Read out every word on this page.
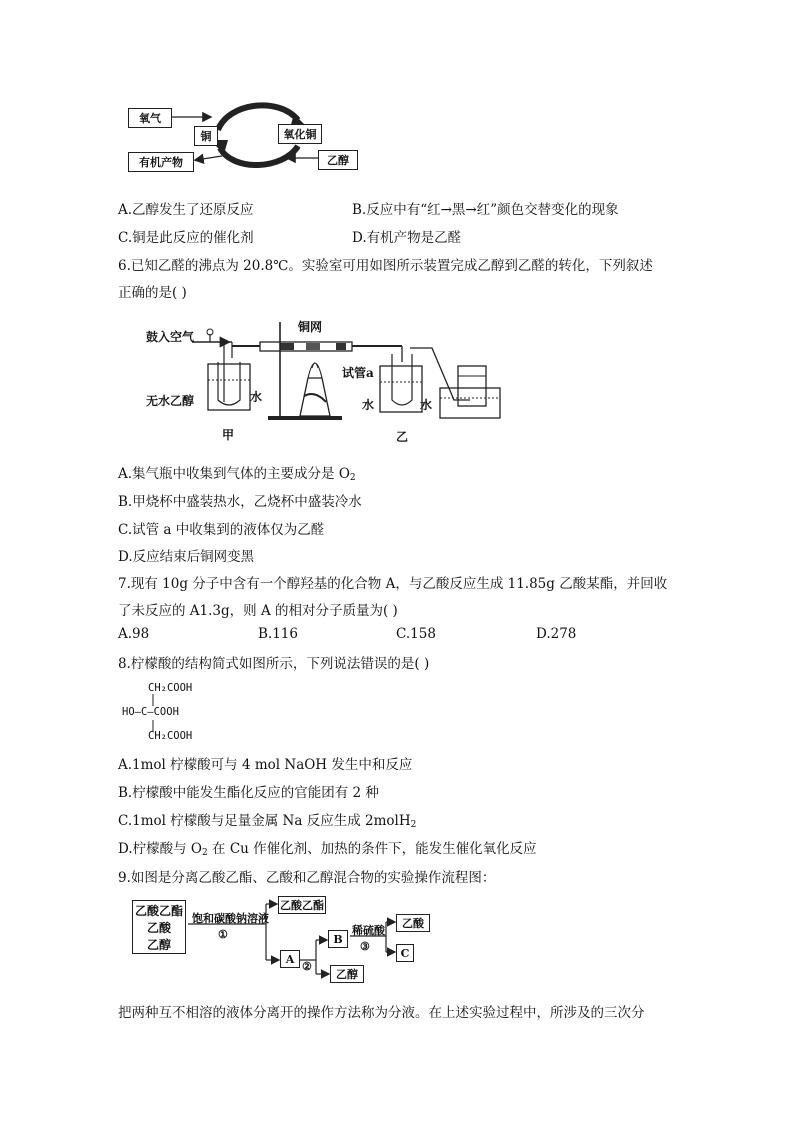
氧气
铜	氧化铜
乙醇
有机产物
A.乙醇发生了还原反应	B.反应中有“红→黑→红”颜色交替变化的现象
C.铜是此反应的催化剂	D.有机产物是乙醛
6.已知乙醛的沸点为 20.8℃。实验室可用如图所示装置完成乙醇到乙醛的转化，下列叙述
正确的是( )
鼓入空气
铜网
无水乙醇	水
甲
试管a
水	水
乙
A.集气瓶中收集到气体的主要成分是 $O_2$
B.甲烧杯中盛装热水，乙烧杯中盛装冷水
C.试管 a 中收集到的液体仅为乙醛
D.反应结束后铜网变黑
7.现有 10g 分子中含有一个醇羟基的化合物 A，与乙酸反应生成 11.85g 乙酸某酯，并回收
了未反应的 A1.3g，则 A 的相对分子质量为( )
A.98	B.116	C.158	D.278
8.柠檬酸的结构简式如图所示，下列说法错误的是( )
CH₂COOH
HO—C—COOH
CH₂COOH
A.1mol 柠檬酸可与 4 mol NaOH 发生中和反应
B.柠檬酸中能发生酯化反应的官能团有 2 种
C.1mol 柠檬酸与足量金属 Na 反应生成 2molH$_2$
D.柠檬酸与 $O_2$ 在 Cu 作催化剂、加热的条件下，能发生催化氧化反应
9.如图是分离乙酸乙酯、乙酸和乙醇混合物的实验操作流程图：
乙酸乙酯
乙酸
乙醇
饱和碳酸钠溶液
①
乙酸乙酯
A
②
B
乙醇
稀硫酸
③
乙酸
C
把两种互不相溶的液体分离开的操作方法称为分液。在上述实验过程中，所涉及的三次分
